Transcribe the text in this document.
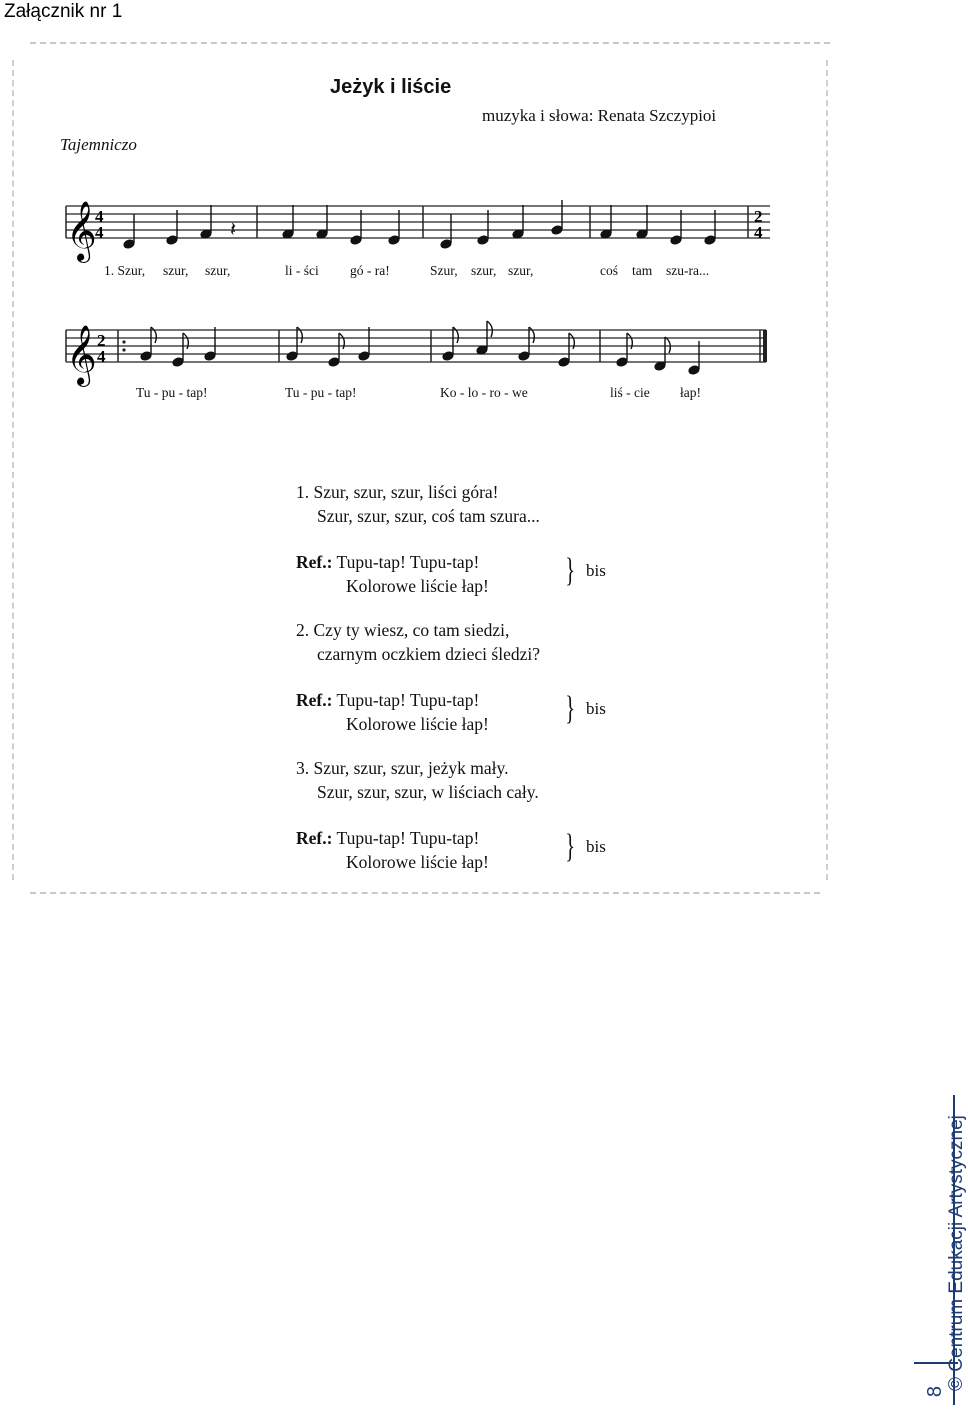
Załącznik nr 1
Jeżyk i liście
muzyka i słowa: Renata Szczypioi
Tajemniczo
𝄞
4
4
2
4
𝄽
1. Szur, szur, szur,	li - ści gó - ra!	Szur, szur, szur,	coś tam szu-ra...
𝄞 2
4
Tu - pu - tap!	Tu - pu - tap!	Ko - lo - ro - we	liś - cie łap!
1. Szur, szur, szur, liści góra!
Szur, szur, szur, coś tam szura...
Ref.: Tupu-tap! Tupu-tap!
Kolorowe liście łap! } bis
2. Czy ty wiesz, co tam siedzi,
czarnym oczkiem dzieci śledzi?
Ref.: Tupu-tap! Tupu-tap!
Kolorowe liście łap! } bis
3. Szur, szur, szur, jeżyk mały.
Szur, szur, szur, w liściach cały.
Ref.: Tupu-tap! Tupu-tap!
Kolorowe liście łap! } bis
© Centrum Edukacji Artystycznej
8
